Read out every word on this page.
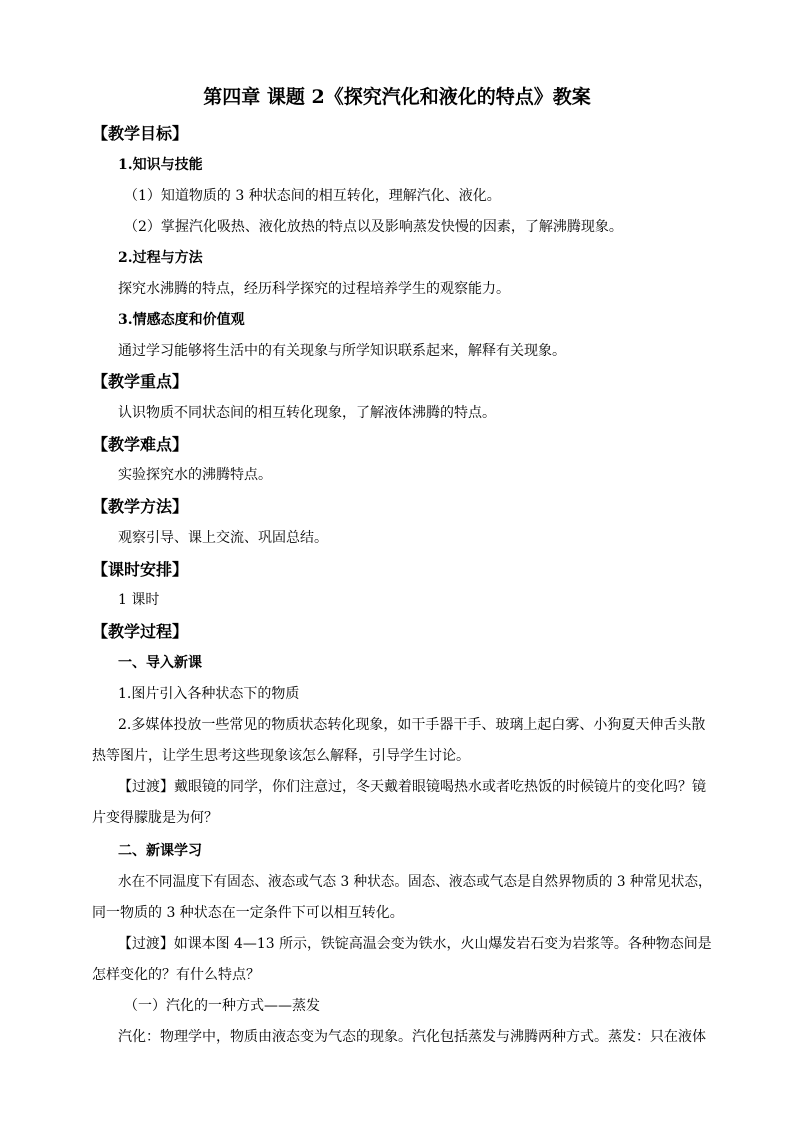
第四章 课题 2《探究汽化和液化的特点》教案
【教学目标】
1.知识与技能
（1）知道物质的 3 种状态间的相互转化，理解汽化、液化。
（2）掌握汽化吸热、液化放热的特点以及影响蒸发快慢的因素，了解沸腾现象。
2.过程与方法
探究水沸腾的特点，经历科学探究的过程培养学生的观察能力。
3.情感态度和价值观
通过学习能够将生活中的有关现象与所学知识联系起来，解释有关现象。
【教学重点】
认识物质不同状态间的相互转化现象，了解液体沸腾的特点。
【教学难点】
实验探究水的沸腾特点。
【教学方法】
观察引导、课上交流、巩固总结。
【课时安排】
1 课时
【教学过程】
一、导入新课
1.图片引入各种状态下的物质
2.多媒体投放一些常见的物质状态转化现象，如干手器干手、玻璃上起白雾、小狗夏天伸舌头散
热等图片，让学生思考这些现象该怎么解释，引导学生讨论。
【过渡】戴眼镜的同学，你们注意过，冬天戴着眼镜喝热水或者吃热饭的时候镜片的变化吗？镜
片变得朦胧是为何？
二、新课学习
水在不同温度下有固态、液态或气态 3 种状态。固态、液态或气态是自然界物质的 3 种常见状态，
同一物质的 3 种状态在一定条件下可以相互转化。
【过渡】如课本图 4—13 所示，铁锭高温会变为铁水，火山爆发岩石变为岩浆等。各种物态间是
怎样变化的？有什么特点？
（一）汽化的一种方式——蒸发
汽化：物理学中，物质由液态变为气态的现象。汽化包括蒸发与沸腾两种方式。蒸发：只在液体
